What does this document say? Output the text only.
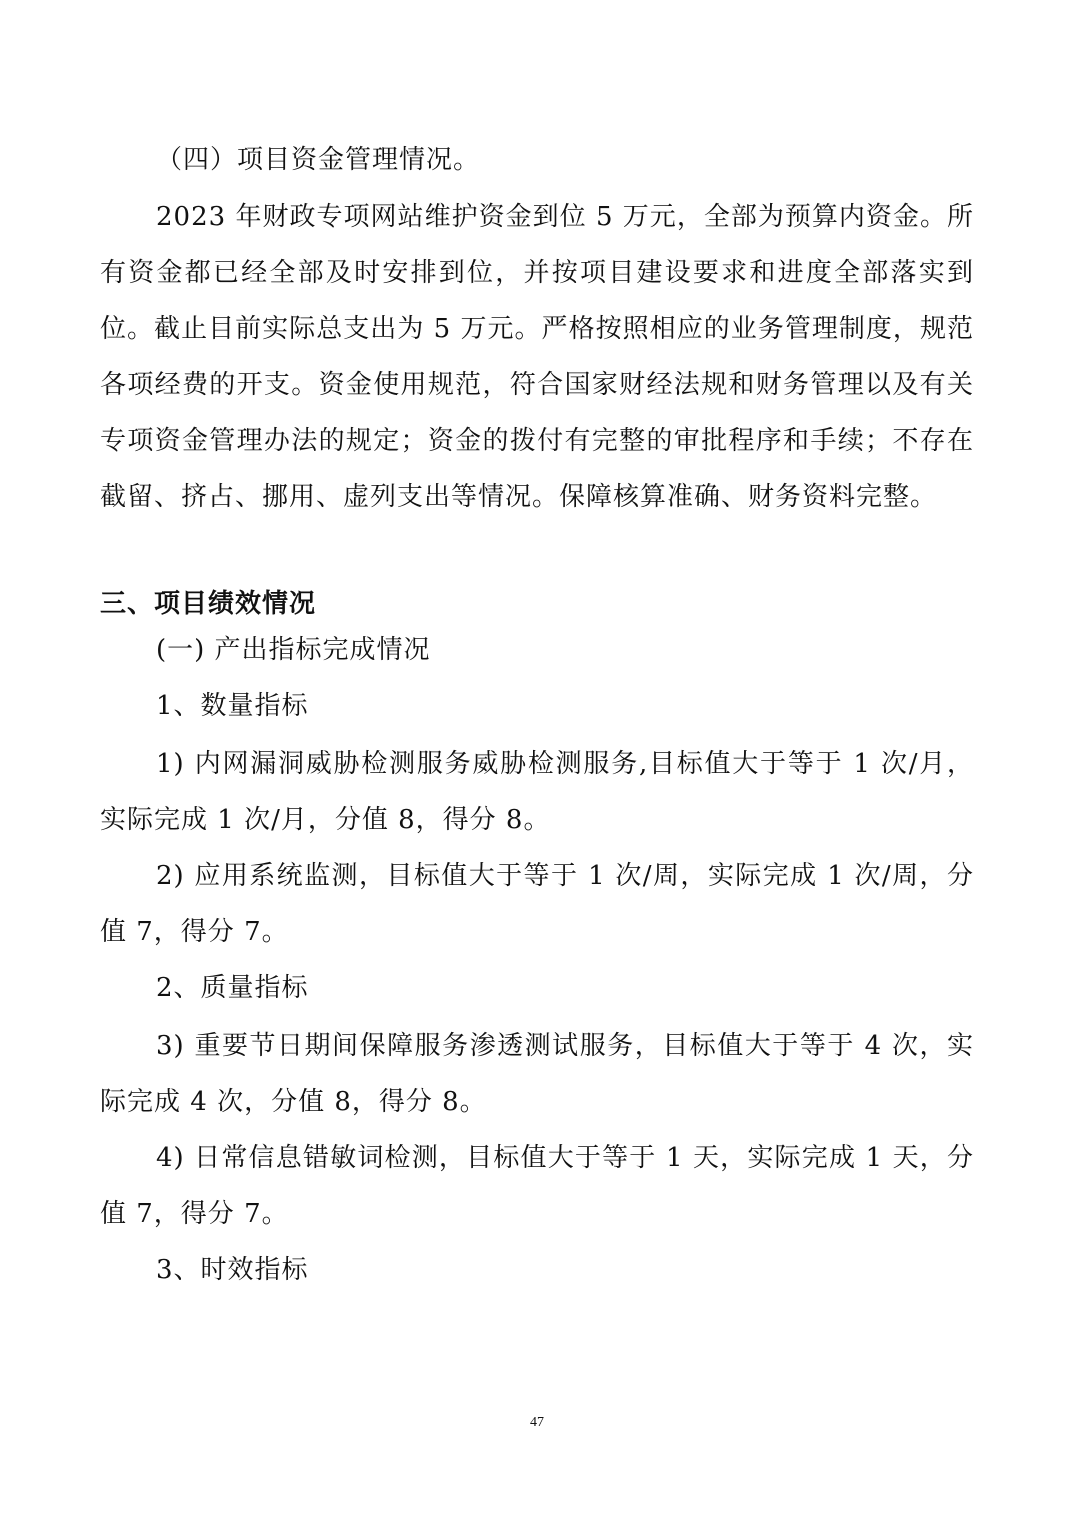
（四）项目资金管理情况。
2023 年财政专项网站维护资金到位 5 万元，全部为预算内资金。所有资金都已经全部及时安排到位，并按项目建设要求和进度全部落实到位。截止目前实际总支出为 5 万元。严格按照相应的业务管理制度，规范各项经费的开支。资金使用规范，符合国家财经法规和财务管理以及有关专项资金管理办法的规定；资金的拨付有完整的审批程序和手续；不存在截留、挤占、挪用、虚列支出等情况。保障核算准确、财务资料完整。
三、项目绩效情况
(一) 产出指标完成情况
1、数量指标
1) 内网漏洞威胁检测服务威胁检测服务,目标值大于等于 1 次/月，实际完成 1 次/月，分值 8，得分 8。
2) 应用系统监测，目标值大于等于 1 次/周，实际完成 1 次/周，分值 7，得分 7。
2、质量指标
3) 重要节日期间保障服务渗透测试服务，目标值大于等于 4 次，实际完成 4 次，分值 8，得分 8。
4) 日常信息错敏词检测，目标值大于等于 1 天，实际完成 1 天，分值 7，得分 7。
3、时效指标
47
